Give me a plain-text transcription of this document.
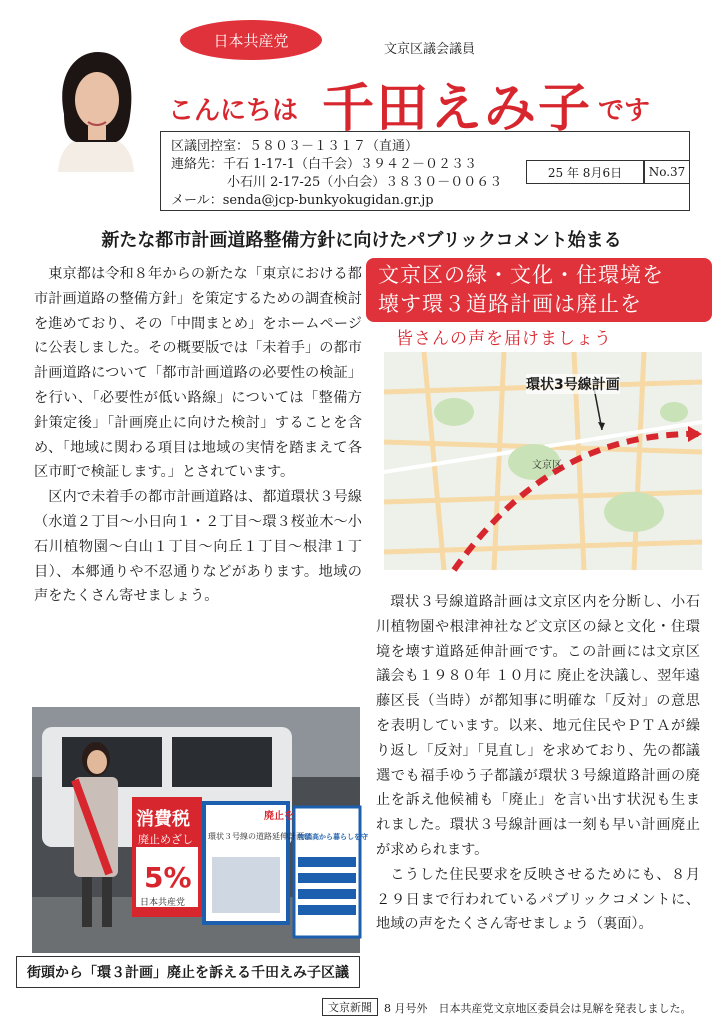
日本共産党	文京区議会議員
こんにちは 千田えみ子 です
区議団控室：５８０３－１３１７（直通）
連絡先：千石 1-17-1（白千会）３９４２－０２３３
小石川 2-17-25（小白会）３８３０－００６３
メール：senda@jcp-bunkyokugidan.gr.jp
25 年 8月6日	No.37
新たな都市計画道路整備方針に向けたパブリックコメント始まる

東京都は令和８年からの新たな「東京における都市計画道路の整備方針」を策定するための調査検討を進めており、その「中間まとめ」をホームページに公表しました。その概要版では「未着手」の都市計画道路について「都市計画道路の必要性の検証」を行い、「必要性が低い路線」については「整備方針策定後」「計画廃止に向けた検討」することを含め、「地域に関わる項目は地域の実情を踏まえて各区市町で検証します。」とされています。

区内で未着手の都市計画道路は、都道環状３号線（水道２丁目～小日向１・２丁目～環３桜並木～小石川植物園～白山１丁目～向丘１丁目～根津１丁目）、本郷通りや不忍通りなどがあります。地域の声をたくさん寄せましょう。

消費税
廃止めざし
5%
日本共産党
環状３号線の道路延伸計画は
廃止を
物価高から暮らしを守
街頭から「環３計画」廃止を訴える千田えみ子区議
文京区の緑・文化・住環境を
壊す環３道路計画は廃止を
皆さんの声を届けましょう
文京区
環状3号線計画

環状３号線道路計画は文京区内を分断し、小石川植物園や根津神社など文京区の緑と文化・住環境を壊す道路延伸計画です。この計画には文京区議会も１９８０年 １０月に 廃止を決議し、翌年遠藤区長（当時）が都知事に明確な「反対」の意思を表明しています。以来、地元住民やＰＴＡが繰り返し「反対」「見直し」を求めており、先の都議選でも福手ゆう子都議が環状３号線道路計画の廃止を訴え他候補も「廃止」を言い出す状況も生まれました。環状３号線計画は一刻も早い計画廃止が求められます。

こうした住民要求を反映させるためにも、８月２９日まで行われているパブリックコメントに、地域の声をたくさん寄せましょう（裏面）。

文京新聞	8 月号外　日本共産党文京地区委員会は見解を発表しました。
